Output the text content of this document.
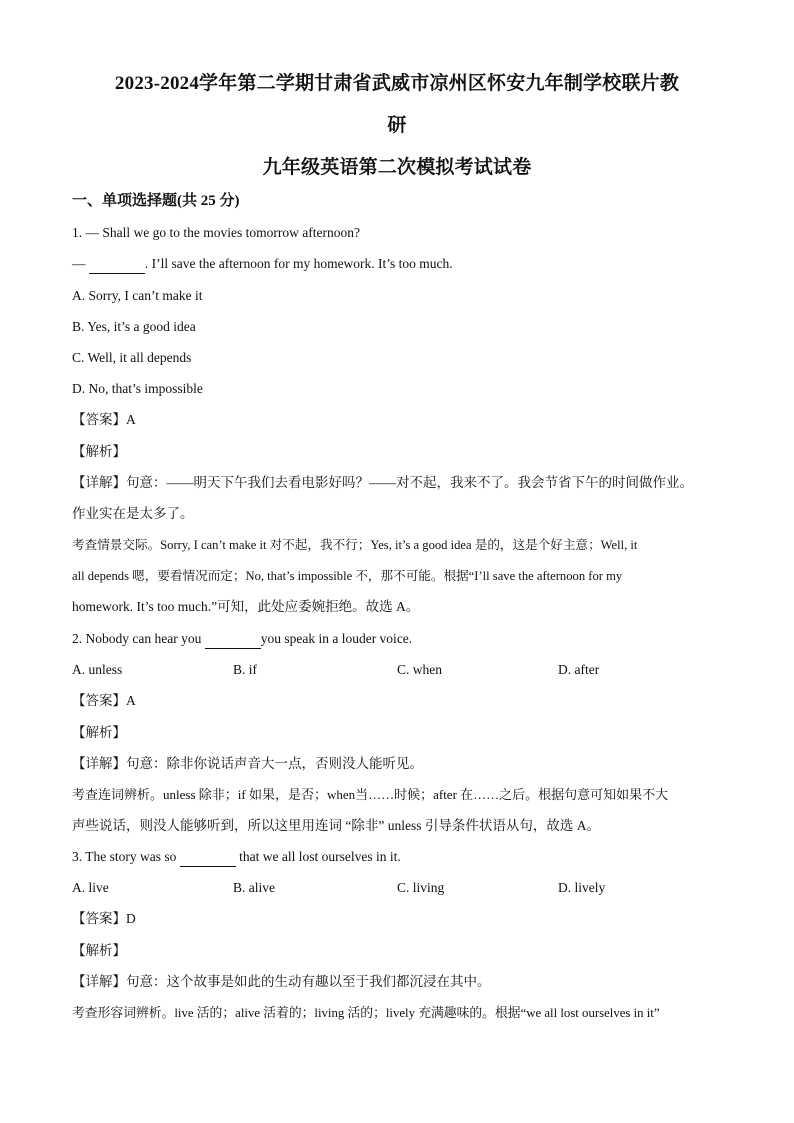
2023-2024学年第二学期甘肃省武威市凉州区怀安九年制学校联片教
研
九年级英语第二次模拟考试试卷
一、单项选择题(共 25 分)
1. — Shall we go to the movies tomorrow afternoon?
—	. I’ll save the afternoon for my homework. It’s too much.
A. Sorry, I can’t make it
B. Yes, it’s a good idea
C. Well, it all depends
D. No, that’s impossible
【答案】A
【解析】
【详解】句意：——明天下午我们去看电影好吗？——对不起，我来不了。我会节省下午的时间做作业。
作业实在是太多了。
考查情景交际。Sorry, I can’t make it 对不起，我不行；Yes, it’s a good idea 是的，这是个好主意；Well, it
all depends 嗯，要看情况而定；No, that’s impossible 不，那不可能。根据“I’ll save the afternoon for my
homework. It’s too much.”可知，此处应委婉拒绝。故选 A。
2. Nobody can hear you	you speak in a louder voice.
A. unless	B. if	C. when	D. after
【答案】A
【解析】
【详解】句意：除非你说话声音大一点，否则没人能听见。
考查连词辨析。unless 除非；if 如果，是否；when当……时候；after 在……之后。根据句意可知如果不大
声些说话，则没人能够听到，所以这里用连词 “除非” unless 引导条件状语从句，故选 A。
3. The story was so	that we all lost ourselves in it.
A. live	B. alive	C. living	D. lively
【答案】D
【解析】
【详解】句意：这个故事是如此的生动有趣以至于我们都沉浸在其中。
考查形容词辨析。live 活的；alive 活着的；living 活的；lively 充满趣味的。根据“we all lost ourselves in it”
